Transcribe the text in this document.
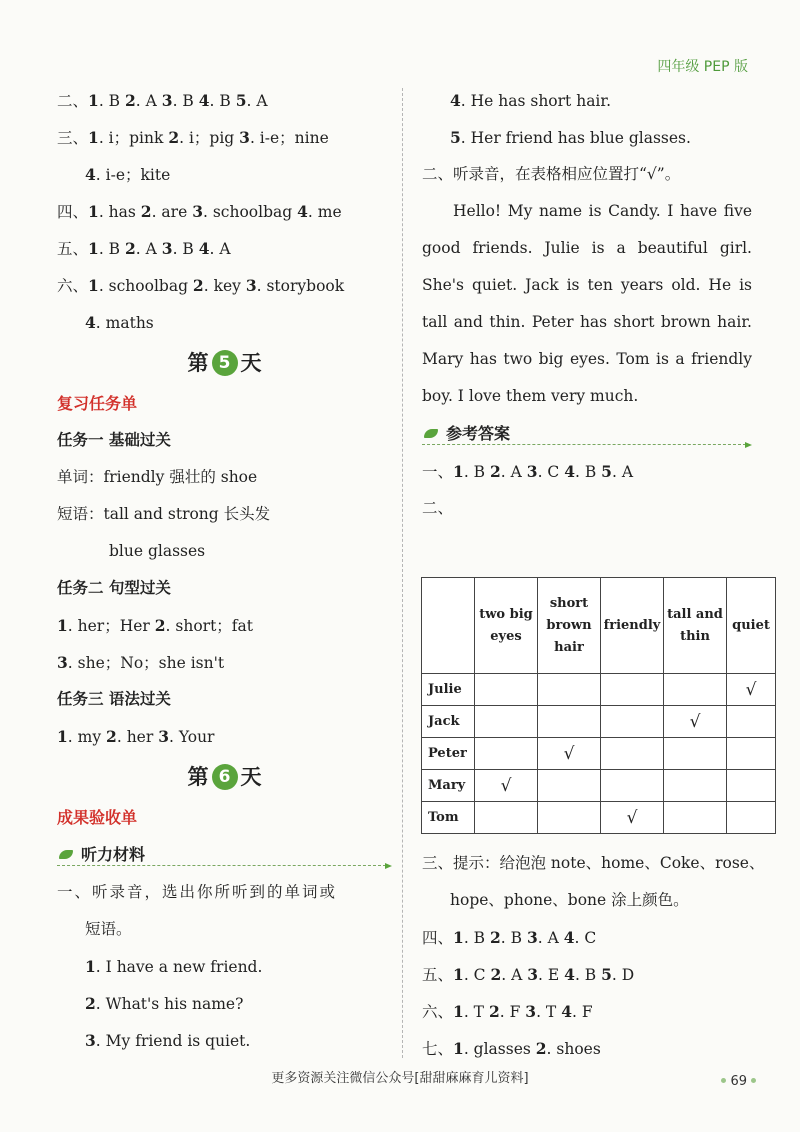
四年级 PEP 版
二、1. B 2. A 3. B 4. B 5. A
三、1. i；pink 2. i；pig 3. i-e；nine
4. i-e；kite
四、1. has 2. are 3. schoolbag 4. me
五、1. B 2. A 3. B 4. A
六、1. schoolbag 2. key 3. storybook
4. maths
第 5 天
复习任务单
任务一 基础过关
单词：friendly 强壮的 shoe
短语：tall and strong 长头发
blue glasses
任务二 句型过关
1. her；Her 2. short；fat
3. she；No；she isn't
任务三 语法过关
1. my 2. her 3. Your
第 6 天
成果验收单
听力材料
一、听录音，选出你所听到的单词或
短语。
1. I have a new friend.
2. What's his name?
3. My friend is quiet.
4. He has short hair.
5. Her friend has blue glasses.
二、听录音，在表格相应位置打“√”。
Hello! My name is Candy. I have five good friends. Julie is a beautiful girl. She's quiet. Jack is ten years old. He is tall and thin. Peter has short brown hair. Mary has two big eyes. Tom is a friendly boy. I love them very much.
参考答案
一、1. B 2. A 3. C 4. B 5. A
二、
	two big eyes	short brown hair	friendly	tall and thin	quiet
Julie					√
Jack				√	
Peter		√			
Mary	√				
Tom			√		
三、提示：给泡泡 note、home、Coke、rose、
hope、phone、bone 涂上颜色。
四、1. B 2. B 3. A 4. C
五、1. C 2. A 3. E 4. B 5. D
六、1. T 2. F 3. T 4. F
七、1. glasses 2. shoes
更多资源关注微信公众号[甜甜麻麻育儿资料]	69
